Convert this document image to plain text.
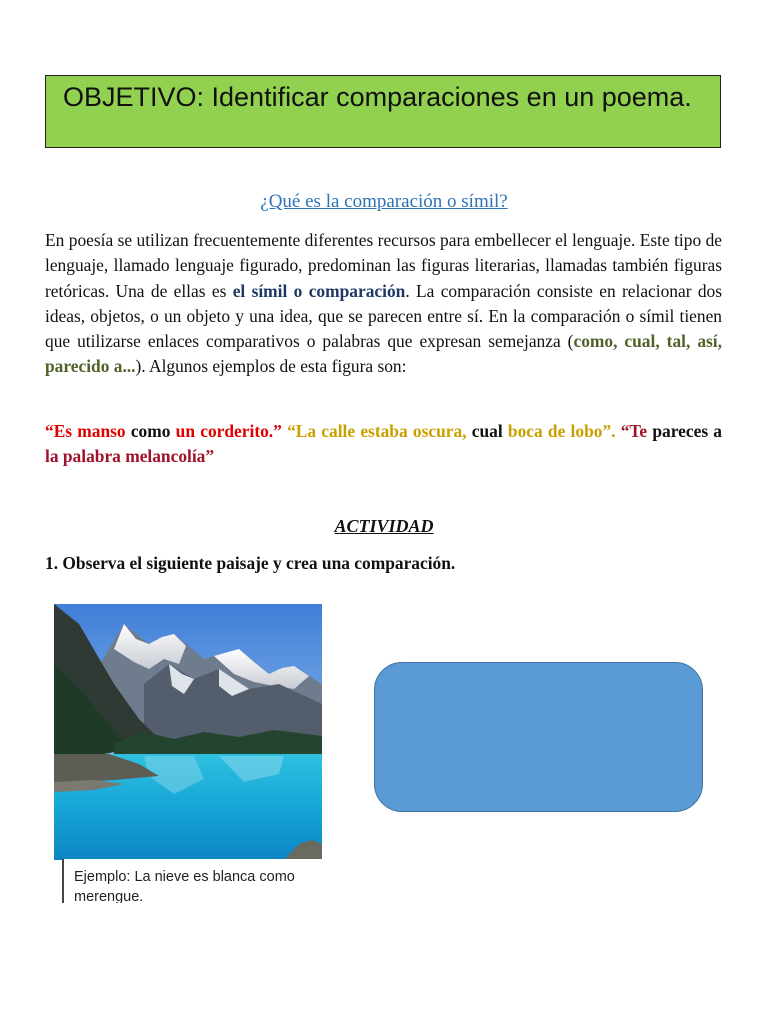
OBJETIVO: Identificar comparaciones en un poema.
¿Qué es la comparación o símil?
En poesía se utilizan frecuentemente diferentes recursos para embellecer el lenguaje. Este tipo de lenguaje, llamado lenguaje figurado, predominan las figuras literarias, llamadas también figuras retóricas. Una de ellas es el símil o comparación. La comparación consiste en relacionar dos ideas, objetos, o un objeto y una idea, que se parecen entre sí. En la comparación o símil tienen que utilizarse enlaces comparativos o palabras que expresan semejanza (como, cual, tal, así, parecido a...). Algunos ejemplos de esta figura son:
“Es manso como un corderito.” “La calle estaba oscura, cual boca de lobo”. “Te pareces a la palabra melancolía”
ACTIVIDAD
1. Observa el siguiente paisaje y crea una comparación.
Ejemplo: La nieve es blanca como
merengue.
